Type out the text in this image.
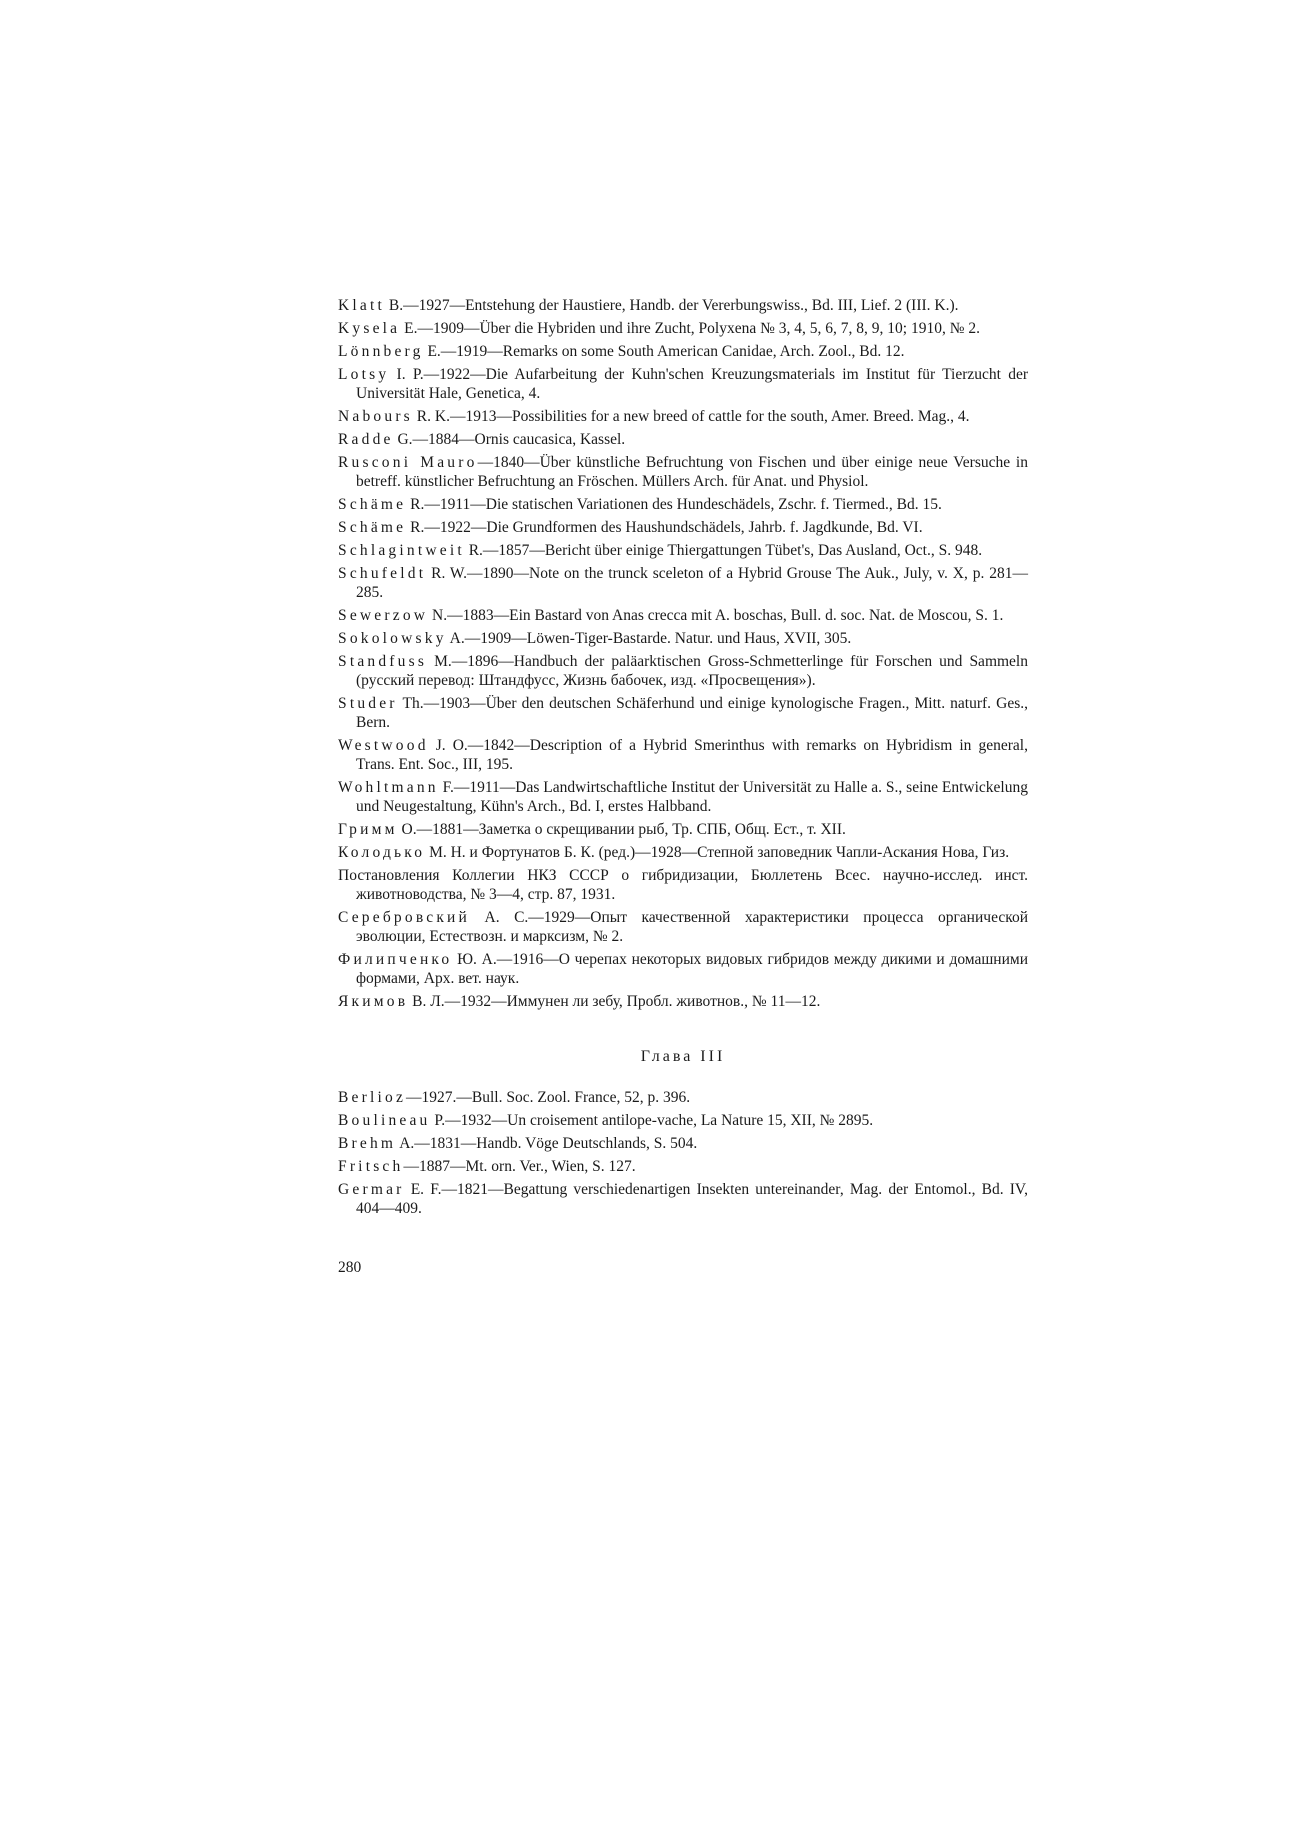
Klatt B.—1927—Entstehung der Haustiere, Handb. der Vererbungswiss., Bd. III, Lief. 2 (III. K.).

Kysela E.—1909—Über die Hybriden und ihre Zucht, Polyxena № 3, 4, 5, 6, 7, 8, 9, 10; 1910, № 2.

Lönnberg E.—1919—Remarks on some South American Canidae, Arch. Zool., Bd. 12.

Lotsy I. P.—1922—Die Aufarbeitung der Kuhn'schen Kreuzungsmaterials im Institut für Tierzucht der Universität Hale, Genetica, 4.

Nabours R. K.—1913—Possibilities for a new breed of cattle for the south, Amer. Breed. Mag., 4.

Radde G.—1884—Ornis caucasica, Kassel.

Rusconi Mauro—1840—Über künstliche Befruchtung von Fischen und über einige neue Versuche in betreff. künstlicher Befruchtung an Fröschen. Müllers Arch. für Anat. und Physiol.

Schäme R.—1911—Die statischen Variationen des Hundeschädels, Zschr. f. Tiermed., Bd. 15.

Schäme R.—1922—Die Grundformen des Haushundschädels, Jahrb. f. Jagdkunde, Bd. VI.

Schlagintweit R.—1857—Bericht über einige Thiergattungen Tübet's, Das Ausland, Oct., S. 948.

Schufeldt R. W.—1890—Note on the trunck sceleton of a Hybrid Grouse The Auk., July, v. X, p. 281—285.

Sewerzow N.—1883—Ein Bastard von Anas crecca mit A. boschas, Bull. d. soc. Nat. de Moscou, S. 1.

Sokolowsky A.—1909—Löwen-Tiger-Bastarde. Natur. und Haus, XVII, 305.

Standfuss M.—1896—Handbuch der paläarktischen Gross-Schmetterlinge für Forschen und Sammeln (русский перевод: Штандфусс, Жизнь бабочек, изд. «Просвещения»).

Studer Th.—1903—Über den deutschen Schäferhund und einige kynologische Fragen., Mitt. naturf. Ges., Bern.

Westwood J. O.—1842—Description of a Hybrid Smerinthus with remarks on Hybridism in general, Trans. Ent. Soc., III, 195.

Wohltmann F.—1911—Das Landwirtschaftliche Institut der Universität zu Halle a. S., seine Entwickelung und Neugestaltung, Kühn's Arch., Bd. I, erstes Halbband.

Гримм О.—1881—Заметка о скрещивании рыб, Тр. СПБ, Общ. Ест., т. XII.

Колодько М. Н. и Фортунатов Б. К. (ред.)—1928—Степной заповедник Чапли-Аскания Нова, Гиз.

Постановления Коллегии НКЗ СССР о гибридизации, Бюллетень Всес. научно-исслед. инст. животноводства, № 3—4, стр. 87, 1931.

Серебровский А. С.—1929—Опыт качественной характеристики процесса органической эволюции, Естествозн. и марксизм, № 2.

Филипченко Ю. А.—1916—О черепах некоторых видовых гибридов между дикими и домашними формами, Арх. вет. наук.

Якимов В. Л.—1932—Иммунен ли зебу, Пробл. животнов., № 11—12.

Глава III

Berlioz—1927.—Bull. Soc. Zool. France, 52, p. 396.

Boulineau P.—1932—Un croisement antilope-vache, La Nature 15, XII, № 2895.

Brehm A.—1831—Handb. Vöge Deutschlands, S. 504.

Fritsch—1887—Mt. orn. Ver., Wien, S. 127.

Germar E. F.—1821—Begattung verschiedenartigen Insekten untereinander, Mag. der Entomol., Bd. IV, 404—409.

280
